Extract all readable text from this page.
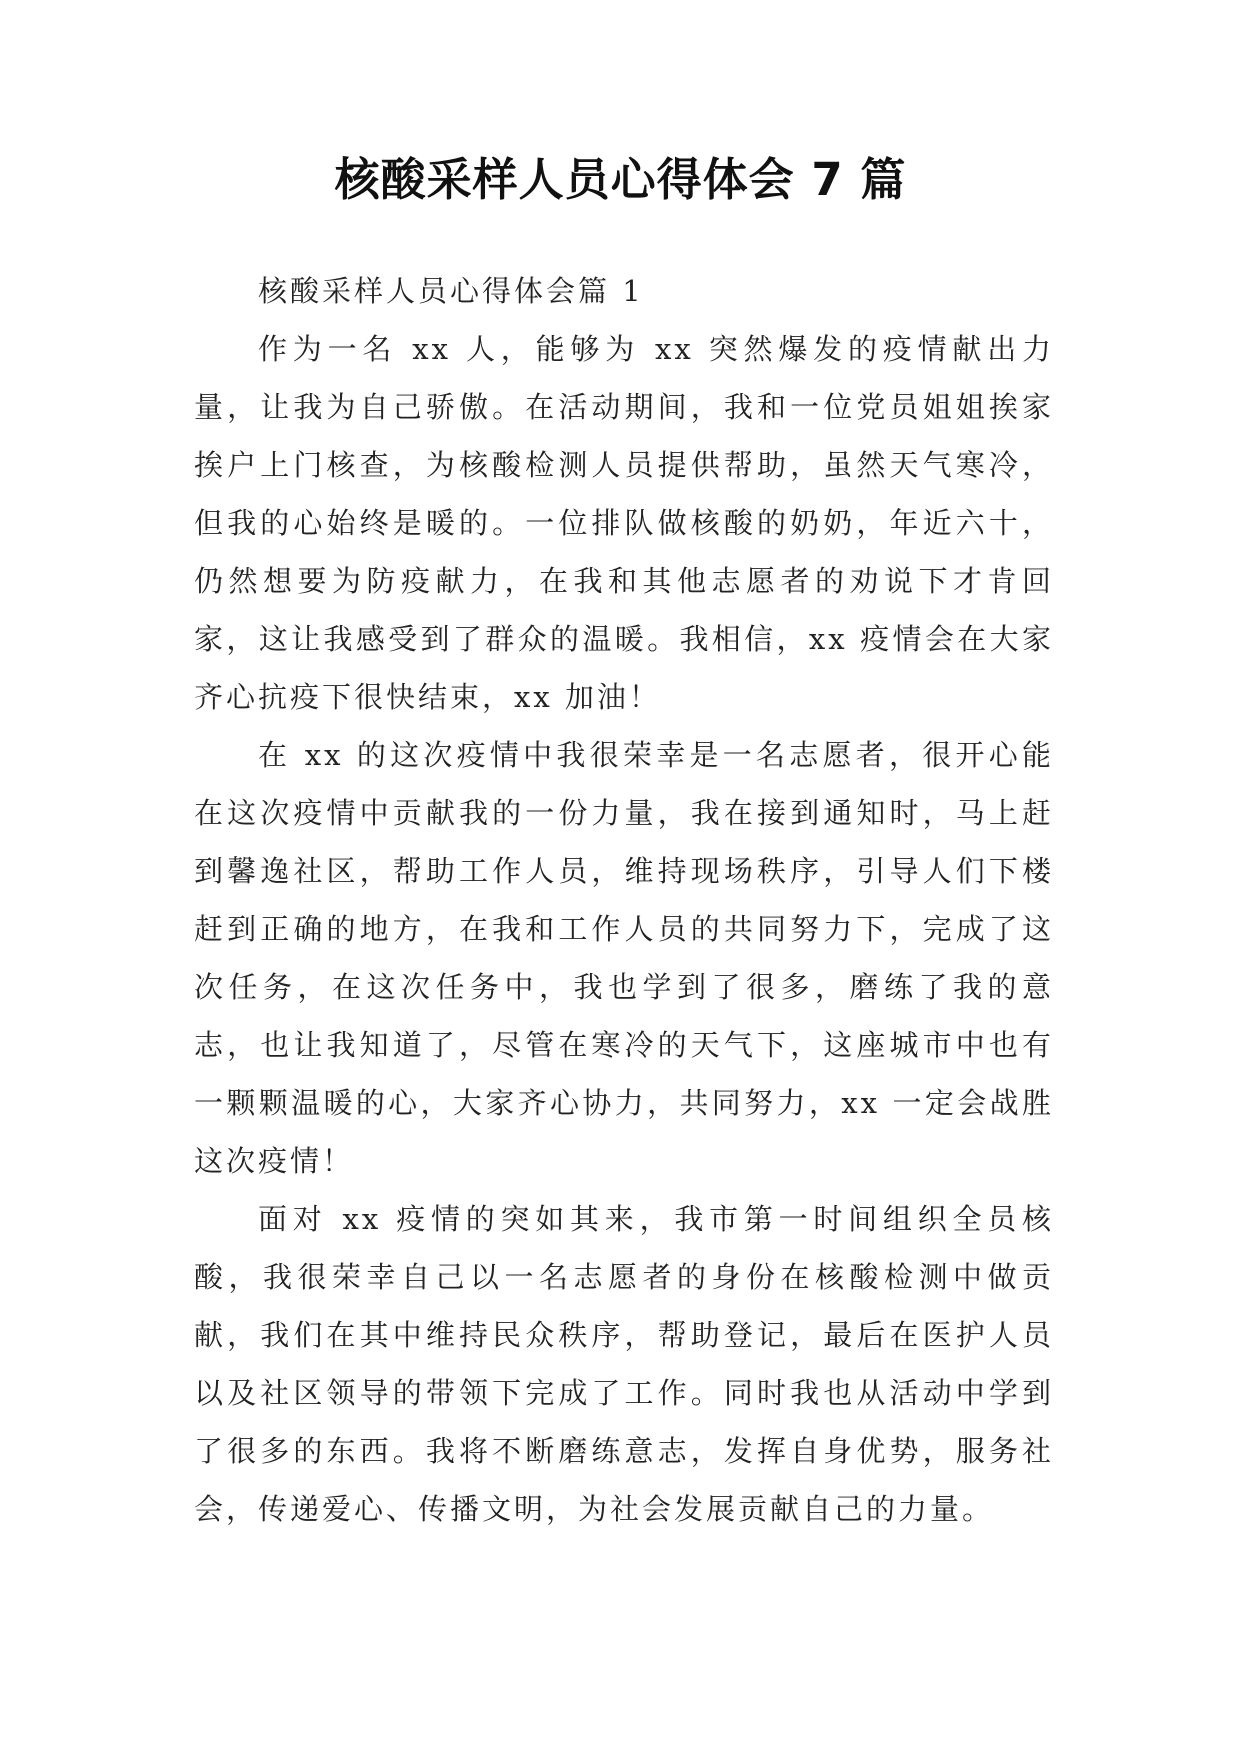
核酸采样人员心得体会 7 篇

核酸采样人员心得体会篇 1

作为一名 xx 人，能够为 xx 突然爆发的疫情献出力量，让我为自己骄傲。在活动期间，我和一位党员姐姐挨家挨户上门核查，为核酸检测人员提供帮助，虽然天气寒冷，但我的心始终是暖的。一位排队做核酸的奶奶，年近六十，仍然想要为防疫献力，在我和其他志愿者的劝说下才肯回家，这让我感受到了群众的温暖。我相信，xx 疫情会在大家齐心抗疫下很快结束，xx 加油！

在 xx 的这次疫情中我很荣幸是一名志愿者，很开心能在这次疫情中贡献我的一份力量，我在接到通知时，马上赶到馨逸社区，帮助工作人员，维持现场秩序，引导人们下楼赶到正确的地方，在我和工作人员的共同努力下，完成了这次任务，在这次任务中，我也学到了很多，磨练了我的意志，也让我知道了，尽管在寒冷的天气下，这座城市中也有一颗颗温暖的心，大家齐心协力，共同努力，xx 一定会战胜这次疫情！

面对 xx 疫情的突如其来，我市第一时间组织全员核酸，我很荣幸自己以一名志愿者的身份在核酸检测中做贡献，我们在其中维持民众秩序，帮助登记，最后在医护人员以及社区领导的带领下完成了工作。同时我也从活动中学到了很多的东西。我将不断磨练意志，发挥自身优势，服务社会，传递爱心、传播文明，为社会发展贡献自己的力量。
